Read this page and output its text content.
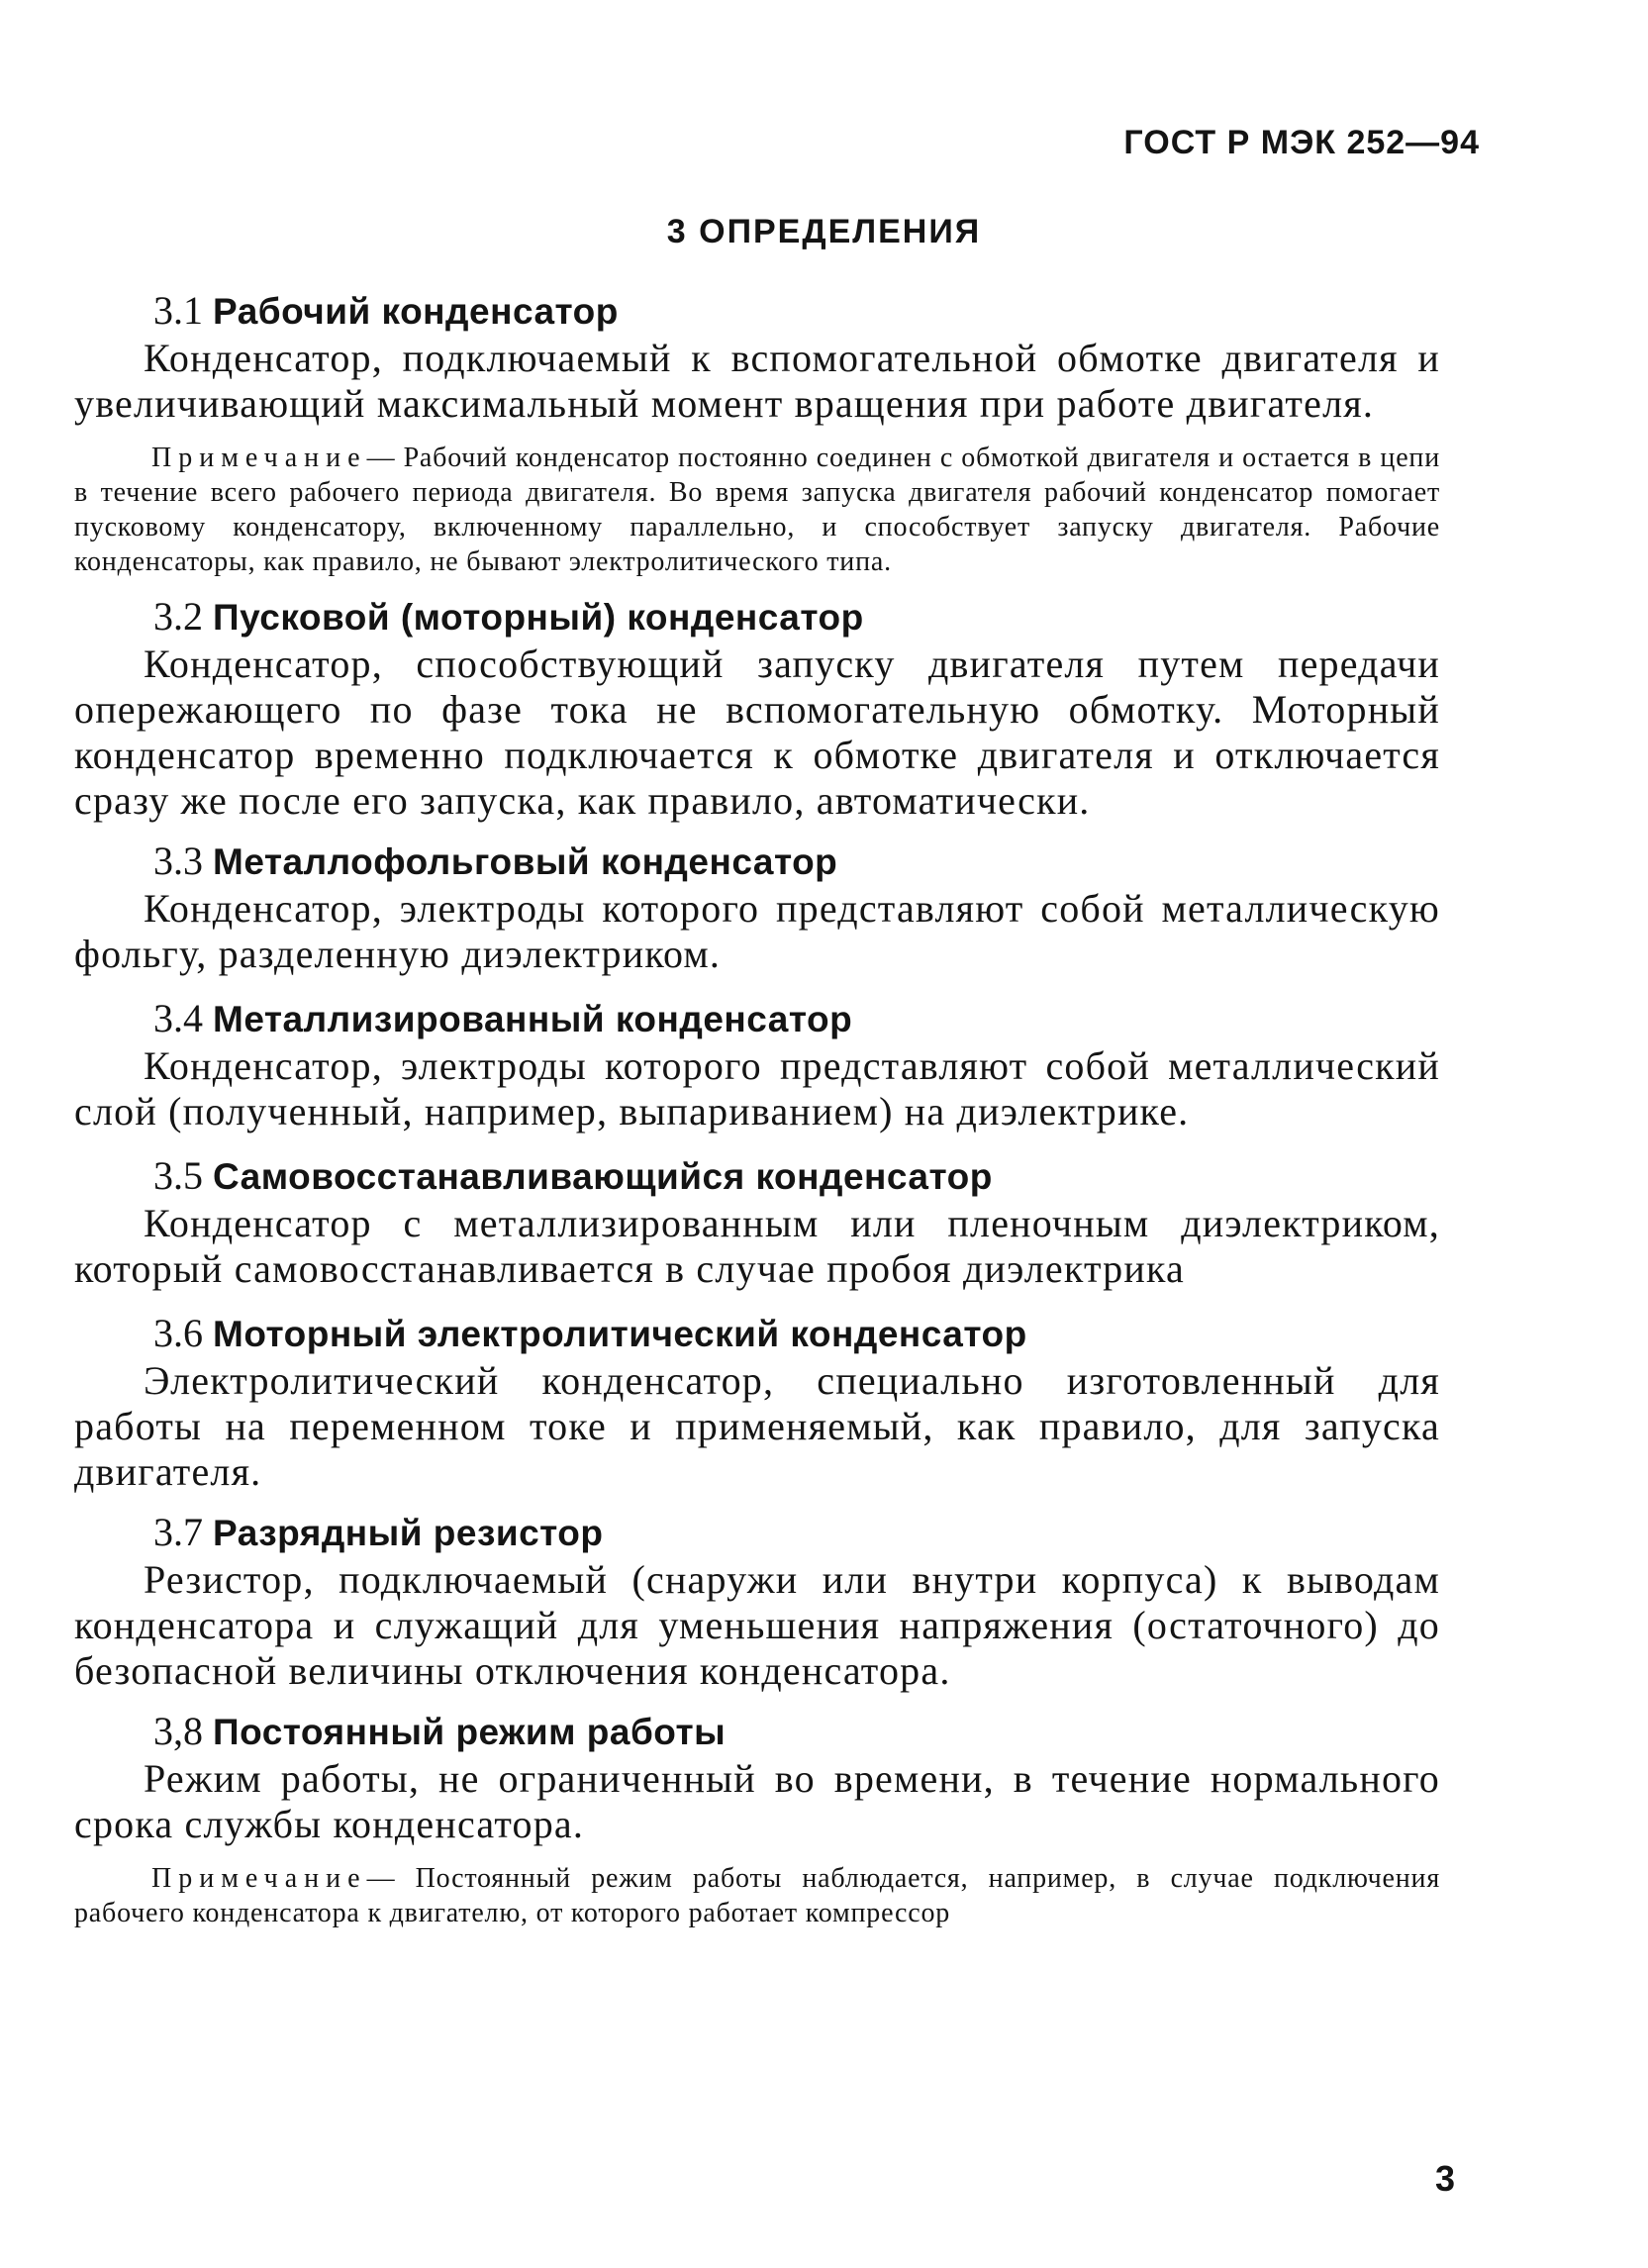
ГОСТ Р МЭК 252—94
3 ОПРЕДЕЛЕНИЯ
3.1 Рабочий конденсатор

Конденсатор, подключаемый к вспомогательной обмотке двигателя и увеличивающий максимальный момент вращения при работе двигателя.

Примечание— Рабочий конденсатор постоянно соединен с обмоткой двигателя и остается в цепи в течение всего рабочего периода двигателя. Во время запуска двигателя рабочий конденсатор помогает пусковому конденсатору, включенному параллельно, и способствует запуску двигателя. Рабочие конденсаторы, как правило, не бывают электролитического типа.

3.2 Пусковой (моторный) конденсатор

Конденсатор, способствующий запуску двигателя путем передачи опережающего по фазе тока не вспомогательную обмотку. Моторный конденсатор временно подключается к обмотке двигателя и отключается сразу же после его запуска, как правило, автоматически.

3.3 Металлофольговый конденсатор

Конденсатор, электроды которого представляют собой металлическую фольгу, разделенную диэлектриком.

3.4 Металлизированный конденсатор

Конденсатор, электроды которого представляют собой металлический слой (полученный, например, выпариванием) на диэлектрике.

3.5 Самовосстанавливающийся конденсатор

Конденсатор с металлизированным или пленочным диэлектриком, который самовосстанавливается в случае пробоя диэлектрика

3.6 Моторный электролитический конденсатор

Электролитический конденсатор, специально изготовленный для работы на переменном токе и применяемый, как правило, для запуска двигателя.

3.7 Разрядный резистор

Резистор, подключаемый (снаружи или внутри корпуса) к выводам конденсатора и служащий для уменьшения напряжения (остаточного) до безопасной величины отключения конденсатора.

3,8 Постоянный режим работы

Режим работы, не ограниченный во времени, в течение нормального срока службы конденсатора.

Примечание— Постоянный режим работы наблюдается, например, в случае подключения рабочего конденсатора к двигателю, от которого работает компрессор

3
